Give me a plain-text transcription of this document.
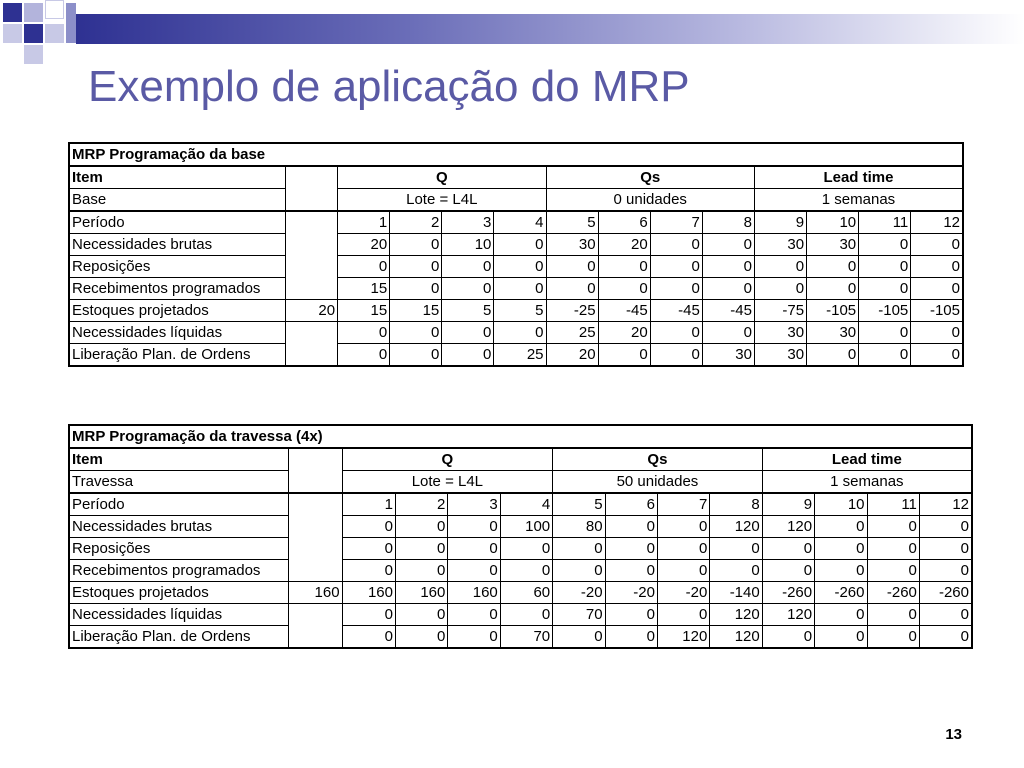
Exemplo de aplicação do MRP
MRP Programação da base													
Item		Q				Qs				Lead time			
Base		Lote = L4L				0 unidades				1 semanas			
Período		1	2	3	4	5	6	7	8	9	10	11	12
Necessidades brutas		20	0	10	0	30	20	0	0	30	30	0	0
Reposições		0	0	0	0	0	0	0	0	0	0	0	0
Recebimentos programados		15	0	0	0	0	0	0	0	0	0	0	0
Estoques projetados	20	15	15	5	5	-25	-45	-45	-45	-75	-105	-105	-105
Necessidades líquidas		0	0	0	0	25	20	0	0	30	30	0	0
Liberação Plan. de Ordens		0	0	0	25	20	0	0	30	30	0	0	0
MRP Programação da travessa (4x)													
Item		Q				Qs				Lead time			
Travessa		Lote = L4L				50 unidades				1 semanas			
Período		1	2	3	4	5	6	7	8	9	10	11	12
Necessidades brutas		0	0	0	100	80	0	0	120	120	0	0	0
Reposições		0	0	0	0	0	0	0	0	0	0	0	0
Recebimentos programados		0	0	0	0	0	0	0	0	0	0	0	0
Estoques projetados	160	160	160	160	60	-20	-20	-20	-140	-260	-260	-260	-260
Necessidades líquidas		0	0	0	0	70	0	0	120	120	0	0	0
Liberação Plan. de Ordens		0	0	0	70	0	0	120	120	0	0	0	0
13
